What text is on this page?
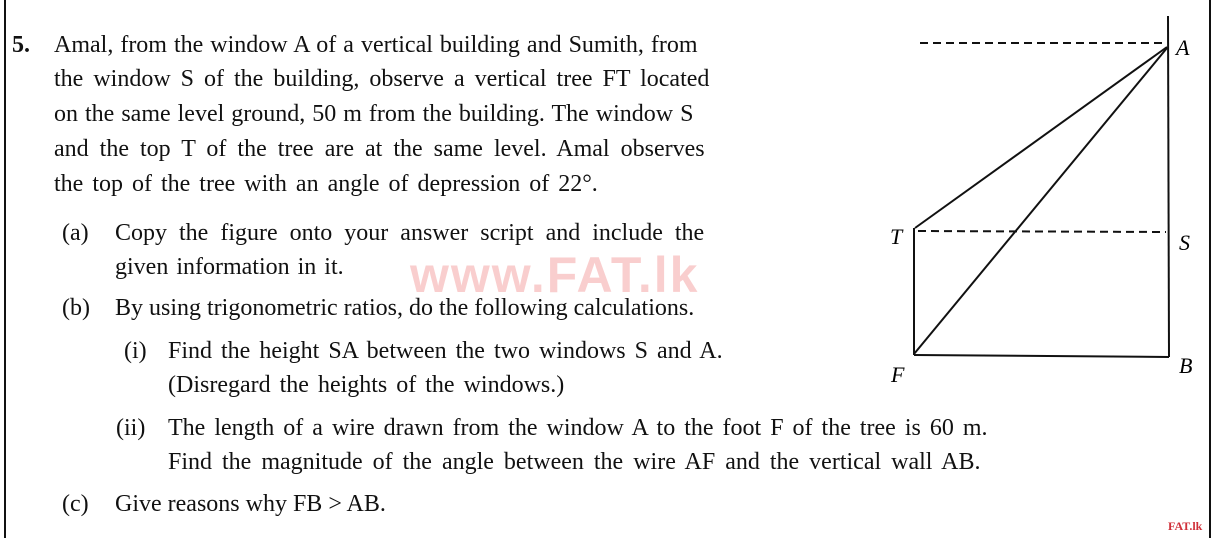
5. Amal, from the window A of a vertical building and Sumith, from
the window S of the building, observe a vertical tree FT located
on the same level ground, 50 m from the building. The window S
and the top T of the tree are at the same level. Amal observes
the top of the tree with an angle of depression of 22°.
(a) Copy the figure onto your answer script and include the
given information in it. www.FAT.lk
(b) By using trigonometric ratios, do the following calculations.
(i) Find the height SA between the two windows S and A.
(Disregard the heights of the windows.)
(ii) The length of a wire drawn from the window A to the foot F of the tree is 60 m.
Find the magnitude of the angle between the wire AF and the vertical wall AB.
(c) Give reasons why FB > AB.
FAT.lk
A
T	S
F	B
